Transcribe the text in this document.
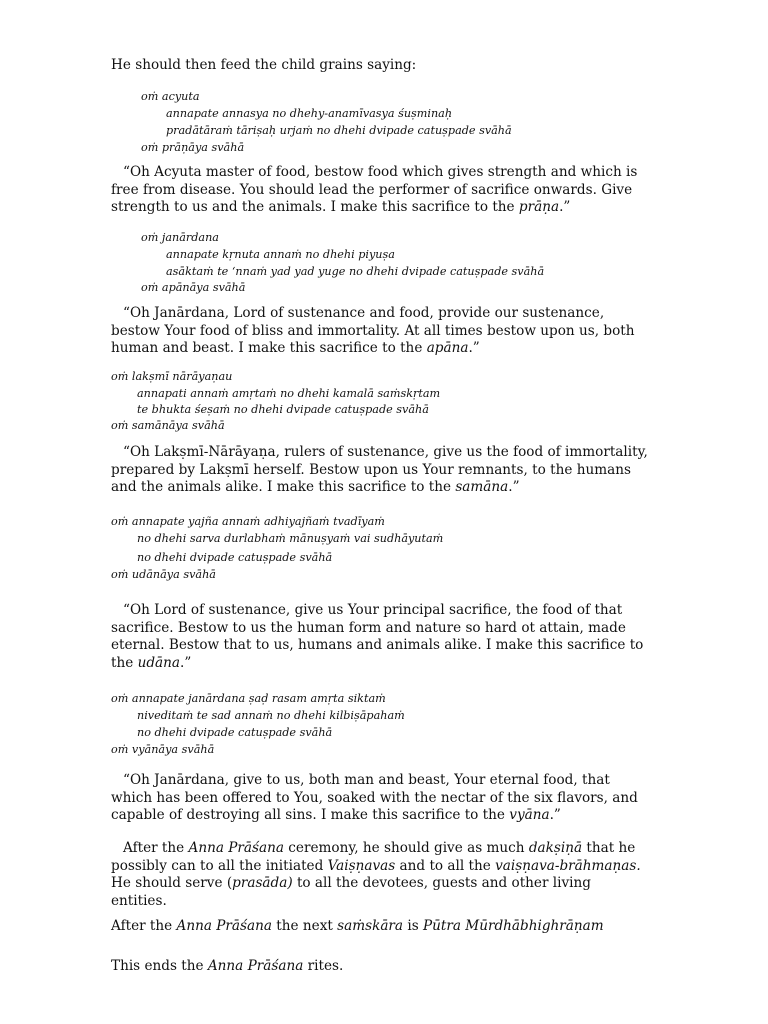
He should then feed the child grains saying:

oṁ acyuta

annapate annasya no dhehy-anamīvasya śuṣminaḥ

pradātāraṁ tāriṣaḥ urjaṁ no dhehi dvipade catuṣpade svāhā

oṁ prāṇāya svāhā

“Oh Acyuta master of food, bestow food which gives strength and which is free from disease. You should lead the performer of sacrifice onwards. Give strength to us and the animals. I make this sacrifice to the prāṇa.”

oṁ janārdana

annapate kṛnuta annaṁ no dhehi piyuṣa

asāktaṁ te ‘nnaṁ yad yad yuge no dhehi dvipade catuṣpade svāhā

oṁ apānāya svāhā

“Oh Janārdana, Lord of sustenance and food, provide our sustenance, bestow Your food of bliss and immortality. At all times bestow upon us, both human and beast. I make this sacrifice to the apāna.”

oṁ lakṣmī nārāyaṇau

annapati annaṁ amṛtaṁ no dhehi kamalā saṁskṛtam

te bhukta śeṣaṁ no dhehi dvipade catuṣpade svāhā

oṁ samānāya svāhā

“Oh Lakṣmī-Nārāyaṇa, rulers of sustenance, give us the food of immortality, prepared by Lakṣmī herself. Bestow upon us Your remnants, to the humans and the animals alike. I make this sacrifice to the samāna.”

oṁ annapate yajña annaṁ adhiyajñaṁ tvadīyaṁ

no dhehi sarva durlabhaṁ mānuṣyaṁ vai sudhāyutaṁ

no dhehi dvipade catuṣpade svāhā

oṁ udānāya svāhā

“Oh Lord of sustenance, give us Your principal sacrifice, the food of that sacrifice. Bestow to us the human form and nature so hard ot attain, made eternal. Bestow that to us, humans and animals alike. I make this sacrifice to the udāna.”

oṁ annapate janārdana ṣaḍ rasam amṛta siktaṁ

niveditaṁ te sad annaṁ no dhehi kilbiṣāpahaṁ

no dhehi dvipade catuṣpade svāhā

oṁ vyānāya svāhā

“Oh Janārdana, give to us, both man and beast, Your eternal food, that which has been offered to You, soaked with the nectar of the six flavors, and capable of destroying all sins. I make this sacrifice to the vyāna.”

After the Anna Prāśana ceremony, he should give as much dakṣiṇā that he possibly can to all the initiated Vaiṣṇavas and to all the vaiṣṇava-brāhmaṇas. He should serve (prasāda) to all the devotees, guests and other living entities.

After the Anna Prāśana the next saṁskāra is Pūtra Mūrdhābhighrāṇam

This ends the Anna Prāśana rites.
